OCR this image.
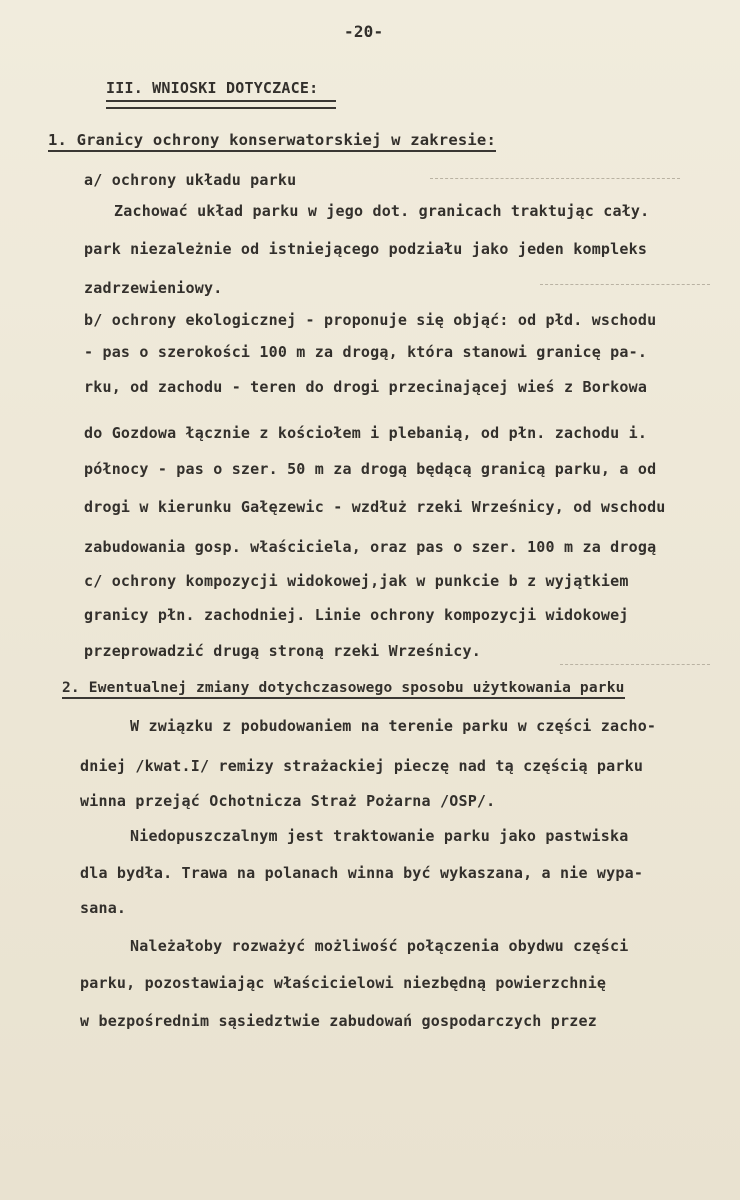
-20-
III. WNIOSKI DOTYCZACE:
1. Granicy ochrony konserwatorskiej w zakresie:
a/ ochrony układu parku
Zachować układ parku w jego dot. granicach traktując cały.
park niezależnie od istniejącego podziału jako jeden kompleks
zadrzewieniowy.
b/ ochrony ekologicznej - proponuje się objąć: od płd. wschodu
- pas o szerokości 100 m za drogą, która stanowi granicę pa-.
rku, od zachodu - teren do drogi przecinającej wieś z Borkowa
do Gozdowa łącznie z kościołem i plebanią, od płn. zachodu i.
północy - pas o szer. 50 m za drogą będącą granicą parku, a od
drogi w kierunku Gałęzewic - wzdłuż rzeki Wrześnicy, od wschodu
zabudowania gosp. właściciela, oraz pas o szer. 100 m za drogą
c/ ochrony kompozycji widokowej,jak w punkcie b z wyjątkiem
granicy płn. zachodniej. Linie ochrony kompozycji widokowej
przeprowadzić drugą stroną rzeki Wrześnicy.
2. Ewentualnej zmiany dotychczasowego sposobu użytkowania parku
W związku z pobudowaniem na terenie parku w części zacho-
dniej /kwat.I/ remizy strażackiej pieczę nad tą częścią parku
winna przejąć Ochotnicza Straż Pożarna /OSP/.
Niedopuszczalnym jest traktowanie parku jako pastwiska
dla bydła. Trawa na polanach winna być wykaszana, a nie wypa-
sana.
Należałoby rozważyć możliwość połączenia obydwu części
parku, pozostawiając właścicielowi niezbędną powierzchnię
w bezpośrednim sąsiedztwie zabudowań gospodarczych przez
